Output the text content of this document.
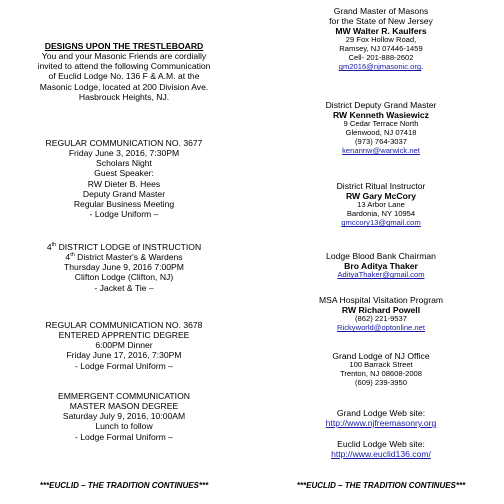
DESIGNS UPON THE TRESTLEBOARD
You and your Masonic Friends are cordially
invited to attend the following Communication
of Euclid Lodge No. 136 F & A.M. at the
Masonic Lodge, located at 200 Division Ave.
Hasbrouck Heights, NJ.
REGULAR COMMUNICATION NO. 3677
Friday June 3, 2016, 7:30PM
Scholars Night
Guest Speaker:
RW Dieter B. Hees
Deputy Grand Master
Regular Business Meeting
- Lodge Uniform –
4th DISTRICT LODGE of INSTRUCTION
4th District Master's & Wardens
Thursday June 9, 2016 7:00PM
Clifton Lodge (Clifton, NJ)
- Jacket & Tie –
REGULAR COMMUNICATION NO. 3678
ENTERED APPRENTIC DEGREE
6:00PM Dinner
Friday June 17, 2016, 7:30PM
- Lodge Formal Uniform –
EMMERGENT COMMUNICATION
MASTER MASON DEGREE
Saturday July 9, 2016, 10:00AM
Lunch to follow
- Lodge Formal Uniform –
***EUCLID – THE TRADITION CONTINUES***
Grand Master of Masons
for the State of New Jersey
MW Walter R. Kaulfers
29 Fox Hollow Road,
Ramsey, NJ 07446-1459
Cell- 201-888-2602
gm2016@njmasonic.org.
District Deputy Grand Master
RW Kenneth Wasiewicz
9 Cedar Terrace North
Glenwood, NJ 07418
(973) 764-3037
kenannw@warwick.net
District Ritual Instructor
RW Gary McCory
13 Arbor Lane
Bardonia, NY 10954
gmccory13@gmail.com
Lodge Blood Bank Chairman
Bro Aditya Thaker
AdityaThaker@gmail.com
MSA Hospital Visitation Program
RW Richard Powell
(862) 221-9537
Rickyworld@optonline.net
Grand Lodge of NJ Office
100 Barrack Street
Trenton, NJ 08608-2008
(609) 239-3950
Grand Lodge Web site:
http://www.njfreemasonry.org
Euclid Lodge Web site:
http://www.euclid136.com/
***EUCLID – THE TRADITION CONTINUES***
